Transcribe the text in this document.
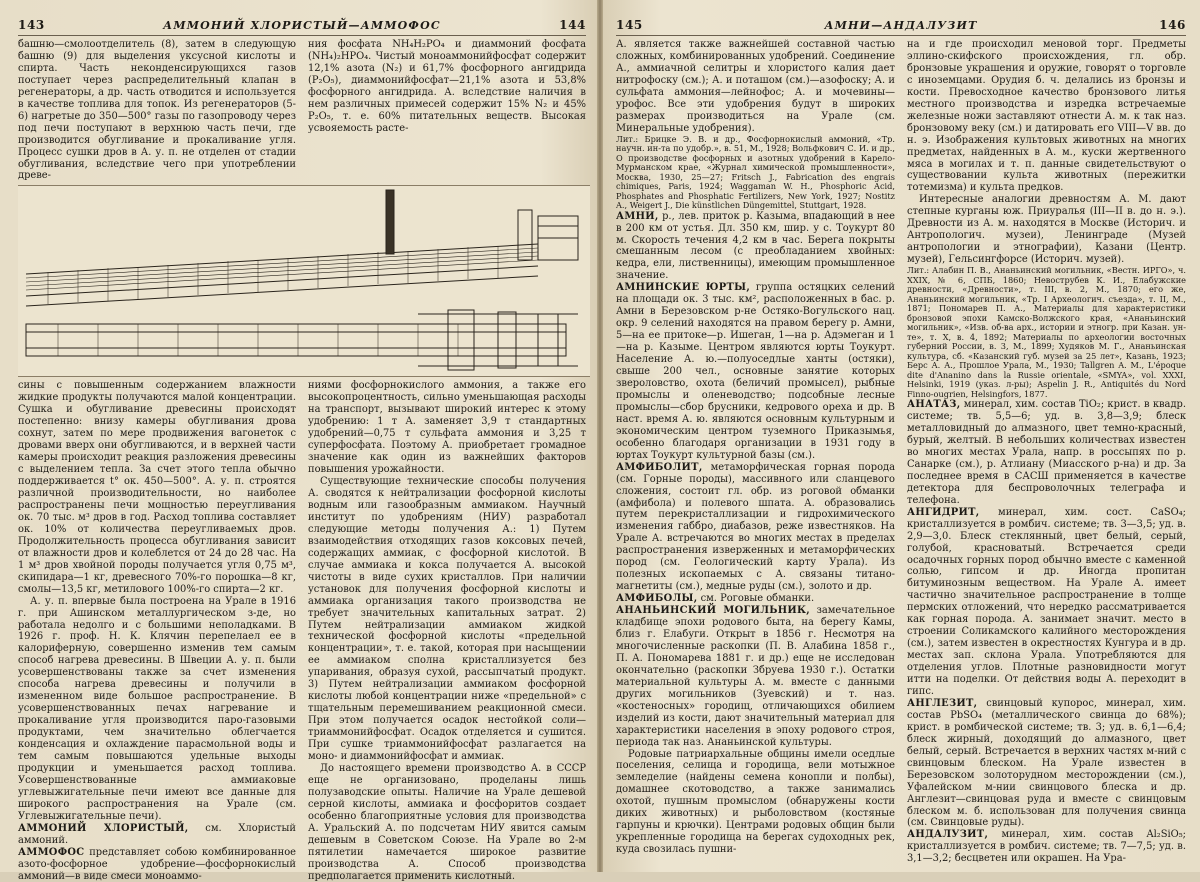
143	АММОНИЙ ХЛОРИСТЫЙ—АММОФОС	144

башню—смолоотделитель (8), затем в следующую башню (9) для выделения уксусной кислоты и спирта. Часть неконденсирующихся газов поступает через распределительный клапан в регенераторы, а др. часть отводится и используется в качестве топлива для топок. Из регенераторов (5-6) нагретые до 350—500° газы по газопроводу через под печи поступают в верхнюю часть печи, где производится обугливание и прокаливание угля. Процесс сушки дров в А. у. п. не отделен от стадии обугливания, вследствие чего при употреблении древе-

ния фосфата NH₄H₂PO₄ и диаммоний фосфата (NH₄)₂HPO₄. Чистый моноаммонийфосфат содержит 12,1% азота (N₂) и 61,7% фосфорного ангидрида (P₂O₅), диаммонийфосфат—21,1% азота и 53,8% фосфорного ангидрида. А. вследствие наличия в нем различных примесей содержит 15% N₂ и 45% P₂O₅, т. е. 60% питательных веществ. Высокая усвояемость расте-

сины с повышенным содержанием влажности жидкие продукты получаются малой концентрации. Сушка и обугливание древесины происходят постепенно: внизу камеры обугливания дрова сохнут, затем по мере продвижения вагонеток с дровами вверх они обугливаются, и в верхней части камеры происходит реакция разложения древесины с выделением тепла. За счет этого тепла обычно поддерживается t° ок. 450—500°. А. у. п. строятся различной производительности, но наиболее распространены печи мощностью переугливания ок. 70 тыс. м³ дров в год. Расход топлива составляет ок. 10% от количества переугливаемых дров. Продолжительность процесса обугливания зависит от влажности дров и колеблется от 24 до 28 час. На 1 м³ дров хвойной породы получается угля 0,75 м³, скипидара—1 кг, древесного 70%-го порошка—8 кг, смолы—13,5 кг, метилового 100%-го спирта—2 кг.

А. у. п. впервые была построена на Урале в 1916 г. при Ашинском металлургическом з-де, но работала недолго и с большими неполадками. В 1926 г. проф. Н. К. Клячин перепелаел ее в калориферную, совершенно изменив тем самым способ нагрева древесины. В Швеции А. у. п. были усовершенствованы также за счет изменения способа нагрева древесины и получили в измененном виде большое распространение. В усовершенствованных печах нагревание и прокаливание угля производится паро-газовыми продуктами, чем значительно облегчается конденсация и охлаждение парасмольной воды и тем самым повышаются удельные выходы продукции и уменьшается расход топлива. Усовершенствованные аммиаковые углевыжигательные печи имеют все данные для широкого распространения на Урале (см. Углевыжигательные печи).

АММОНИЙ ХЛОРИСТЫЙ, см. Хлористый аммоний.

АММОФОС представляет собою комбинированное азото-фосфорное удобрение—фосфорнокислый аммоний—в виде смеси моноаммо-

ниями фосфорнокислого аммония, а также его высокопроцентность, сильно уменьшающая расходы на транспорт, вызывают широкий интерес к этому удобрению: 1 т А. заменяет 3,9 т стандартных удобрений—0,75 т сульфата аммония и 3,25 т суперфосфата. Поэтому А. приобретает громадное значение как один из важнейших факторов повышения урожайности.

Существующие технические способы получения А. сводятся к нейтрализации фосфорной кислоты водным или газообразным аммиаком. Научный институт по удобрениям (НИУ) разработал следующие методы получения А.: 1) Путем взаимодействия отходящих газов коксовых печей, содержащих аммиак, с фосфорной кислотой. В случае аммиака и кокса получается А. высокой чистоты в виде сухих кристаллов. При наличии установок для получения фосфорной кислоты и аммиака организация такого производства не требует значительных капитальных затрат. 2) Путем нейтрализации аммиаком жидкой технической фосфорной кислоты «предельной концентрации», т. е. такой, которая при насыщении ее аммиаком сполна кристаллизуется без упаривания, образуя сухой, рассыпчатый продукт. 3) Путем нейтрализации аммиаком фосфорной кислоты любой концентрации ниже «предельной» с тщательным перемешиванием реакционной смеси. При этом получается осадок нестойкой соли—триаммонийфосфат. Осадок отделяется и сушится. При сушке триаммонийфосфат разлагается на моно- и диаммонийфосфат и аммиак.

До настоящего времени производство А. в СССР еще не организовано, проделаны лишь полузаводские опыты. Наличие на Урале дешевой серной кислоты, аммиака и фосфоритов создает особенно благоприятные условия для производства А. Уральский А. по подсчетам НИУ явится самым дешевым в Советском Союзе. На Урале во 2-м пятилетии намечается широкое развитие производства А. Способ производства предполагается применить кислотный.

145	АМНИ—АНДАЛУЗИТ	146

А. является также важнейшей составной частью сложных, комбинированных удобрений. Соединение А., аммиачной селитры и хлористого калия дает нитрофоску (см.); А. и поташом (см.)—азофоску; А. и сульфата аммония—лейнофос; А. и мочевины—урофос. Все эти удобрения будут в широких размерах производиться на Урале (см. Минеральные удобрения).

Лит.: Брицке Э. В. и др., Фосфорнокислый аммоний, «Тр. научн. ин-та по удобр.», в. 51, М., 1928; Вольфкович С. И. и др., О производстве фосфорных и азотных удобрений в Карело-Мурманском крае, «Журнал химической промышленности», Москва, 1930, 25—27; Fritsch J., Fabrication des engrais chimiques, Paris, 1924; Waggaman W. H., Phosphoric Acid, Phosphates and Phosphatic Fertilizers, New York, 1927; Nostitz A., Weigert J., Die künstlichen Düngemittel, Stuttgart, 1928.

АМНИ, р., лев. приток р. Казыма, впадающий в нее в 200 км от устья. Дл. 350 км, шир. у с. Тоукурт 80 м. Скорость течения 4,2 км в час. Берега покрыты смешанным лесом (с преобладанием хвойных: кедра, ели, лиственницы), имеющим промышленное значение.

АМНИНСКИЕ ЮРТЫ, группа остяцких селений на площади ок. 3 тыс. км², расположенных в бас. р. Амни в Березовском р-не Остяко-Вогульского нац. окр. 9 селений находятся на правом берегу р. Амни, 5—на ее притоке—р. Ишеган, 1—на р. Адэмеган и 1—на р. Казыме. Центром являются юрты Тоукурт. Население А. ю.—полуоседлые ханты (остяки), свыше 200 чел., основные занятие которых звероловство, охота (беличий промысел), рыбные промыслы и оленеводство; подсобные лесные промыслы—сбор брусники, кедрового ореха и др. В наст. время А. ю. являются основным культурным и экономическим центром туземного Приказымья, особенно благодаря организации в 1931 году в юртах Тоукурт культурной базы (см.).

АМФИБОЛИТ, метаморфическая горная порода (см. Горные породы), массивного или сланцевого сложения, состоит гл. обр. из роговой обманки (амфибола) и полевого шпата. А. образовались путем перекристаллизации и гидрохимического изменения габбро, диабазов, реже известняков. На Урале А. встречаются во многих местах в пределах распространения изверженных и метаморфических пород (см. Геологический карту Урала). Из полезных ископаемых с А. связаны титано-магнетиты (см.), медные руды (см.), золото и др.

АМФИБОЛЫ, см. Роговые обманки.

АНАНЬИНСКИЙ МОГИЛЬНИК, замечательное кладбище эпохи родового быта, на берегу Камы, близ г. Елабуги. Открыт в 1856 г. Несмотря на многочисленные раскопки (П. В. Алабина 1858 г., П. А. Пономарева 1881 г. и др.) еще не исследован окончательно (раскопки Збруева 1930 г.). Остатки материальной культуры А. м. вместе с данными других могильников (Зуевский) и т. наз. «костеносных» городищ, отличающихся обилием изделий из кости, дают значительный материал для характеристики населения в эпоху родового строя, периода так наз. Ананьинской культуры.

Родовые патриархальные общины имели оседлые поселения, селища и городища, вели мотыжное земледелие (найдены семена конопли и полбы), домашнее скотоводство, а также занимались охотой, пушным промыслом (обнаружены кости диких животных) и рыболовством (костяные гарпуны и крючки). Центрами родовых общин были укрепленные городища на берегах судоходных рек, куда свозилась пушни-

на и где происходил меновой торг. Предметы эллино-скифского происхождения, гл. обр. бронзовые украшения и оружие, говорят о торговле с иноземцами. Орудия б. ч. делались из бронзы и кости. Превосходное качество бронзового литья местного производства и изредка встречаемые железные ножи заставляют отнести А. м. к так наз. бронзовому веку (см.) и датировать его VIII—V вв. до н. э. Изображения культовых животных на многих предметах, найденных в А. м., куски жертвенного мяса в могилах и т. п. данные свидетельствуют о существовании культа животных (пережитки тотемизма) и культа предков.

Интересные аналогии древностям А. М. дают степные курганы юж. Приуралья (III—II в. до н. э.). Древности из А. м. находятся в Москве (Историч. и Антропологич. музеи), Ленинграде (Музей антропологии и этнографии), Казани (Центр. музей), Гельсингфорсе (Историч. музей).

Лит.: Алабин П. В., Ананьинский могильник, «Вестн. ИРГО», ч. XXIX, № 6, СПБ, 1860; Невострубев К. И., Елабужские древности, «Древности», т. III, в. 2, М., 1870; его же, Ананьинский могильник, «Тр. I Археологич. съезда», т. II, М., 1871; Пономарев П. А., Материалы для характеристики бронзовой эпохи Камско-Волжского края, «Ананьинский могильник», «Изв. об-ва арх., истории и этногр. при Казан. ун-те», т. X, в. 4, 1892; Материалы по археологии восточных губерний России, в. 3, М., 1899; Худяков М. Г., Ананьинская культура, сб. «Казанский губ. музей за 25 лет», Казань, 1923; Берс А. А., Прошлое Урала, М., 1930; Tallgren A. M., L'époque dite d'Ananino dans la Russie orientale, «SMYA», vol. XXXI, Helsinki, 1919 (указ. л-ры); Aspelin J. R., Antiquités du Nord Finno-ougrien, Helsingfors, 1877.

АНАТАЗ, минерал, хим. состав TiO₂; крист. в квадр. системе; тв. 5,5—6; уд. в. 3,8—3,9; блеск металловидный до алмазного, цвет темно-красный, бурый, желтый. В небольших количествах известен во многих местах Урала, напр. в россыпях по р. Санарке (см.), р. Атлиану (Миасского р-на) и др. За последнее время в САСШ применяется в качестве детектора для беспроволочных телеграфа и телефона.

АНГИДРИТ, минерал, хим. сост. CaSO₄; кристаллизуется в ромбич. системе; тв. 3—3,5; уд. в. 2,9—3,0. Блеск стеклянный, цвет белый, серый, голубой, красноватый. Встречается среди осадочных горных пород обычно вместе с каменной солью, гипсом и др. Иногда пропитан битуминозным веществом. На Урале А. имеет частично значительное распространение в толще пермских отложений, что нередко рассматривается как горная порода. А. занимает значит. место в строении Соликамского калийного месторождения (см.), затем известен в окрестностях Кунгура и в др. местах зап. склона Урала. Употребляются для отделения углов. Плотные разновидности могут итти на поделки. От действия воды А. переходит в гипс.

АНГЛЕЗИТ, свинцовый купорос, минерал, хим. состав PbSO₄ (металлического свинца до 68%); крист. в ромбической системе; тв. 3; уд. в. 6,1—6,4; блеск жирный, доходящий до алмазного, цвет белый, серый. Встречается в верхних частях м-ний с свинцовым блеском. На Урале известен в Березовском золоторудном месторождении (см.), Уфалейском м-нии свинцового блеска и др. Англезит—свинцовая руда и вместе с свинцовым блеском м. б. использован для получения свинца (см. Свинцовые руды).

АНДАЛУЗИТ, минерал, хим. состав Al₂SiO₅; кристаллизуется в ромбич. системе; тв. 7—7,5; уд. в. 3,1—3,2; бесцветен или окрашен. На Ура-
